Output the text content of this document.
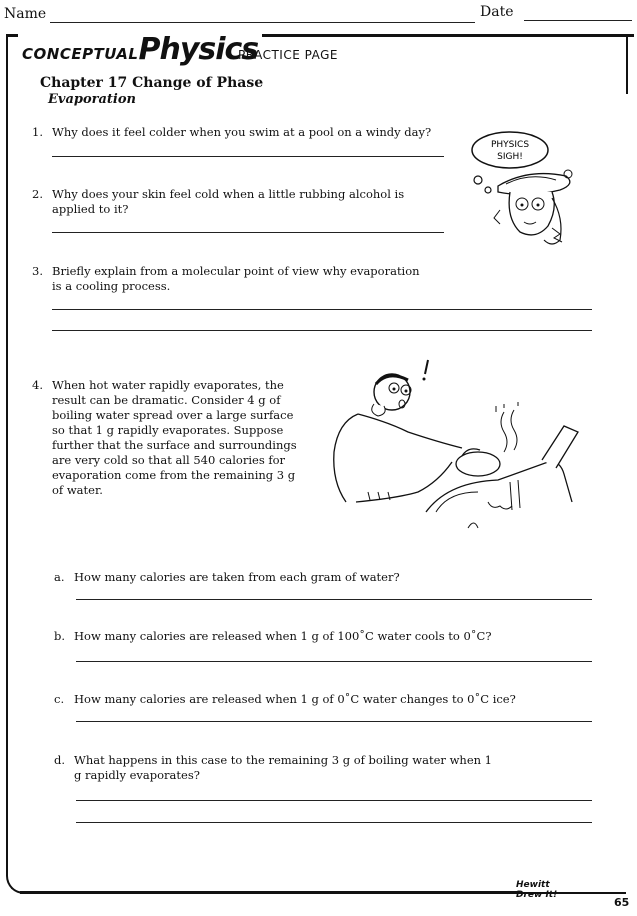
Name	Date
CONCEPTUALPhysics
PRACTICE PAGE
Chapter 17 Change of Phase
Evaporation
1. Why does it feel colder when you swim at a pool on a windy day?
2. Why does your skin feel cold when a little rubbing alcohol is applied to it?
3. Briefly explain from a molecular point of view why evaporation is a cooling process.
4. When hot water rapidly evaporates, the result can be dramatic. Consider 4 g of boiling water spread over a large surface so that 1 g rapidly evaporates. Suppose further that the surface and surroundings are very cold so that all 540 calories for evaporation come from the remaining 3 g of water.
a. How many calories are taken from each gram of water?
b. How many calories are released when 1 g of 100˚C water cools to 0˚C?
c. How many calories are released when 1 g of 0˚C water changes to 0˚C ice?
d. What happens in this case to the remaining 3 g of boiling water when 1 g rapidly evaporates?
PHYSICS
SIGH!
Hewitt Drew It!
65
